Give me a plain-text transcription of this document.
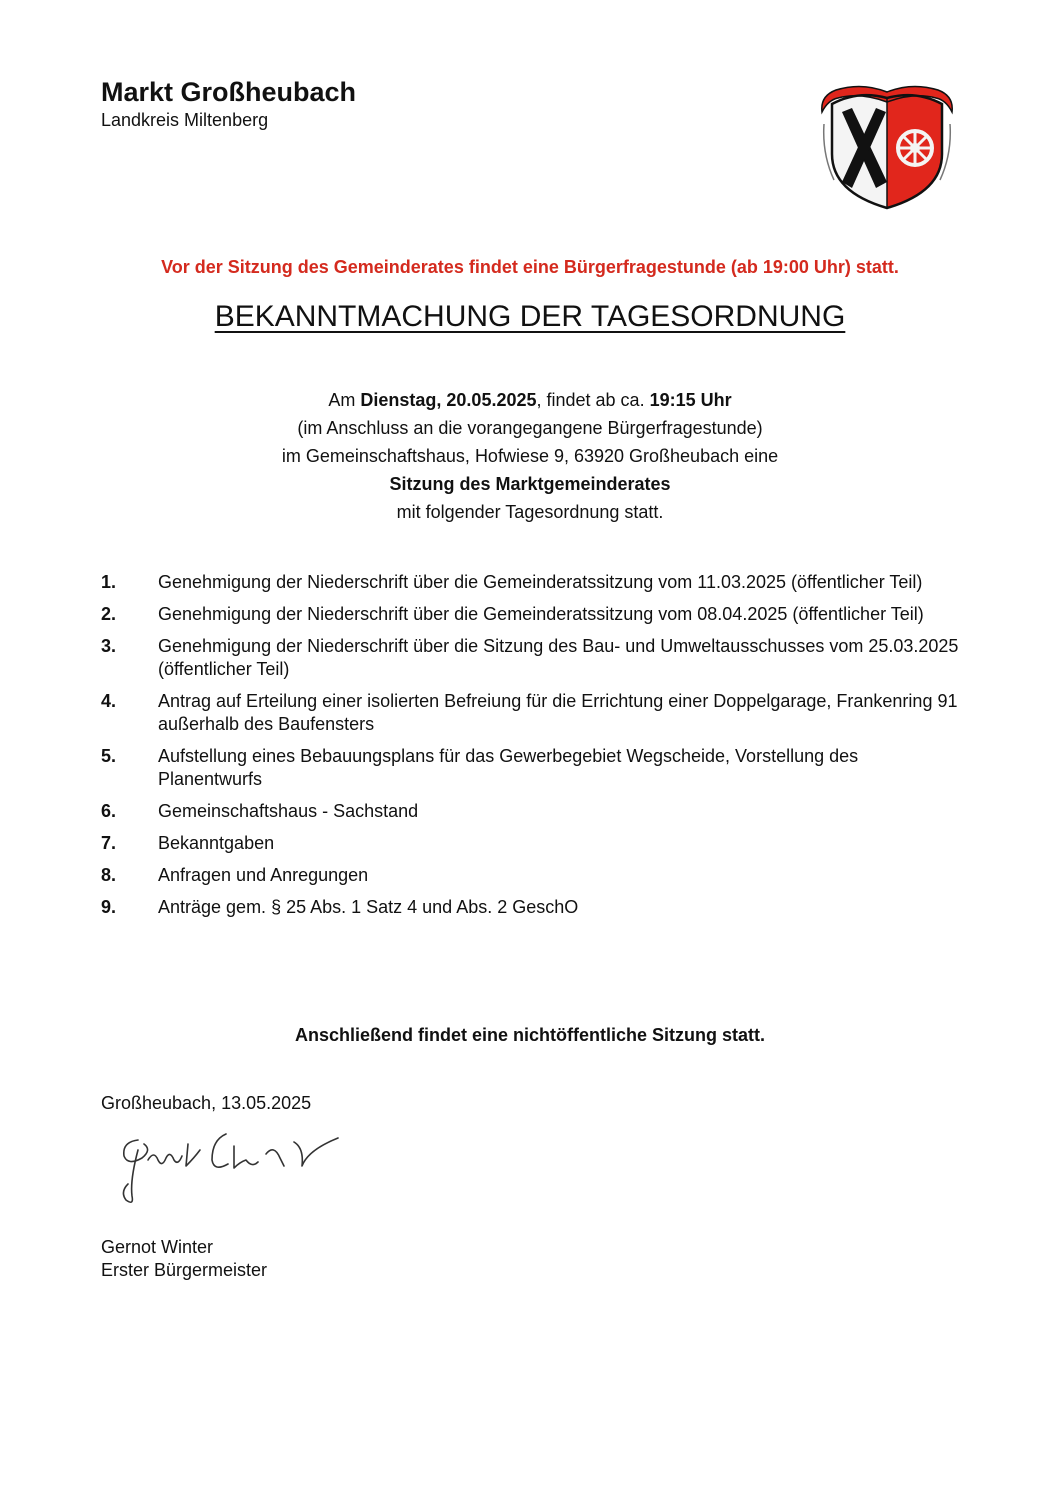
Markt Großheubach
Landkreis Miltenberg
Vor der Sitzung des Gemeinderates findet eine Bürgerfragestunde (ab 19:00 Uhr) statt.
BEKANNTMACHUNG DER TAGESORDNUNG

Am Dienstag, 20.05.2025, findet ab ca. 19:15 Uhr

(im Anschluss an die vorangegangene Bürgerfragestunde)

im Gemeinschaftshaus, Hofwiese 9, 63920 Großheubach eine

Sitzung des Marktgemeinderates

mit folgender Tagesordnung statt.

1.	Genehmigung der Niederschrift über die Gemeinderatssitzung vom 11.03.2025 (öffentlicher Teil)
2.	Genehmigung der Niederschrift über die Gemeinderatssitzung vom 08.04.2025 (öffentlicher Teil)
3.	Genehmigung der Niederschrift über die Sitzung des Bau- und Umweltausschusses vom 25.03.2025 (öffentlicher Teil)
4.	Antrag auf Erteilung einer isolierten Befreiung für die Errichtung einer Doppelgarage, Frankenring 91 außerhalb des Baufensters
5.	Aufstellung eines Bebauungsplans für das Gewerbegebiet Wegscheide, Vorstellung des Planentwurfs
6.	Gemeinschaftshaus - Sachstand
7.	Bekanntgaben
8.	Anfragen und Anregungen
9.	Anträge gem. § 25 Abs. 1 Satz 4 und Abs. 2 GeschO
Anschließend findet eine nichtöffentliche Sitzung statt.
Großheubach, 13.05.2025
Gernot Winter
Erster Bürgermeister
